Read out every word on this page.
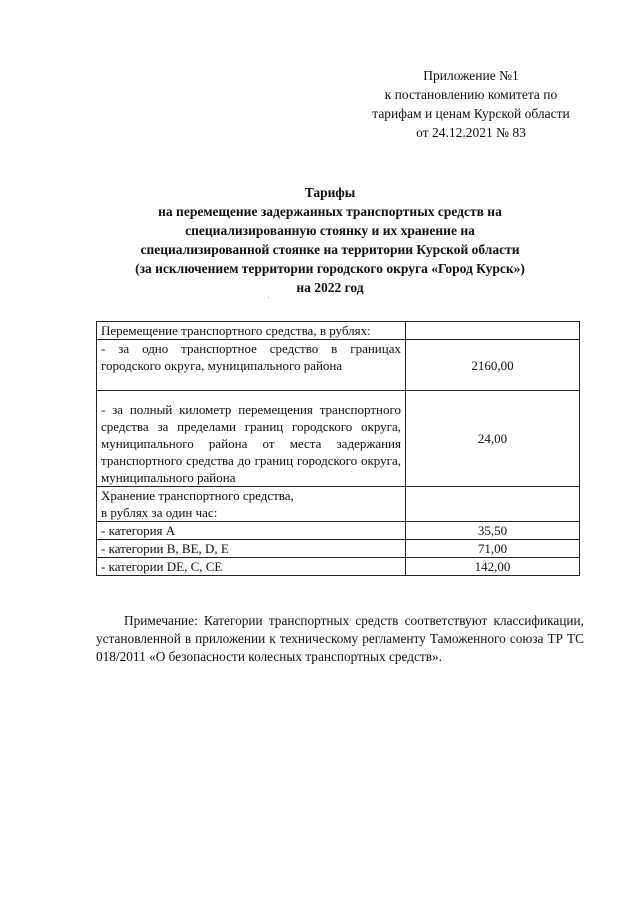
Приложение №1
к постановлению комитета по
тарифам и ценам Курской области
от 24.12.2021 № 83
Тарифы
на перемещение задержанных транспортных средств на
специализированную стоянку и их хранение на
специализированной стоянке на территории Курской области
(за исключением территории городского округа «Город Курск»)
на 2022 год
Перемещение транспортного средства, в рублях:	
- за одно транспортное средство в границах городского округа, муниципального района	2160,00
- за полный километр перемещения транспортного средства за пределами границ городского округа, муниципального района от места задержания транспортного средства до границ городского округа, муниципального района	24,00

Хранение транспортного средства,
в рублях за один час:	

- категория A	35,50
- категории B, BE, D, E	71,00
- категории DE, C, CE	142,00
Примечание: Категории транспортных средств соответствуют классификации, установленной в приложении к техническому регламенту Таможенного союза ТР ТС 018/2011 «О безопасности колесных транспортных средств».
